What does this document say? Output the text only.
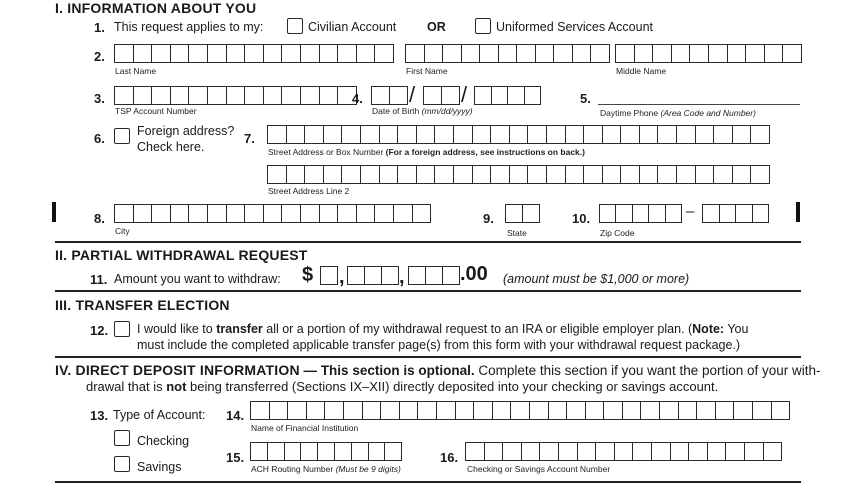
I. INFORMATION ABOUT YOU
1. This request applies to my:	Civilian Account OR	Uniformed Services Account
2.
Last Name	First Name	Middle Name
3.
TSP Account Number
4. / /
Date of Birth (mm/dd/yyyy)
5.
Daytime Phone (Area Code and Number)
6.	Foreign address?
Check here.
7.
Street Address or Box Number (For a foreign address, see instructions on back.)
Street Address Line 2
8.
City
9.
State
10.	–
Zip Code
II. PARTIAL WITHDRAWAL REQUEST
11. Amount you want to withdraw: $ ,	,	.00 (amount must be $1,000 or more)
III. TRANSFER ELECTION
12. I would like to transfer all or a portion of my withdrawal request to an IRA or eligible employer plan. (Note: You
must include the completed applicable transfer page(s) from this form with your withdrawal request package.)
IV. DIRECT DEPOSIT INFORMATION — This section is optional. Complete this section if you want the portion of your with-
drawal that is not being transferred (Sections IX–XII) directly deposited into your checking or savings account.
13. Type of Account:
Checking
Savings
14.
Name of Financial Institution
15.
ACH Routing Number (Must be 9 digits)
16.
Checking or Savings Account Number
